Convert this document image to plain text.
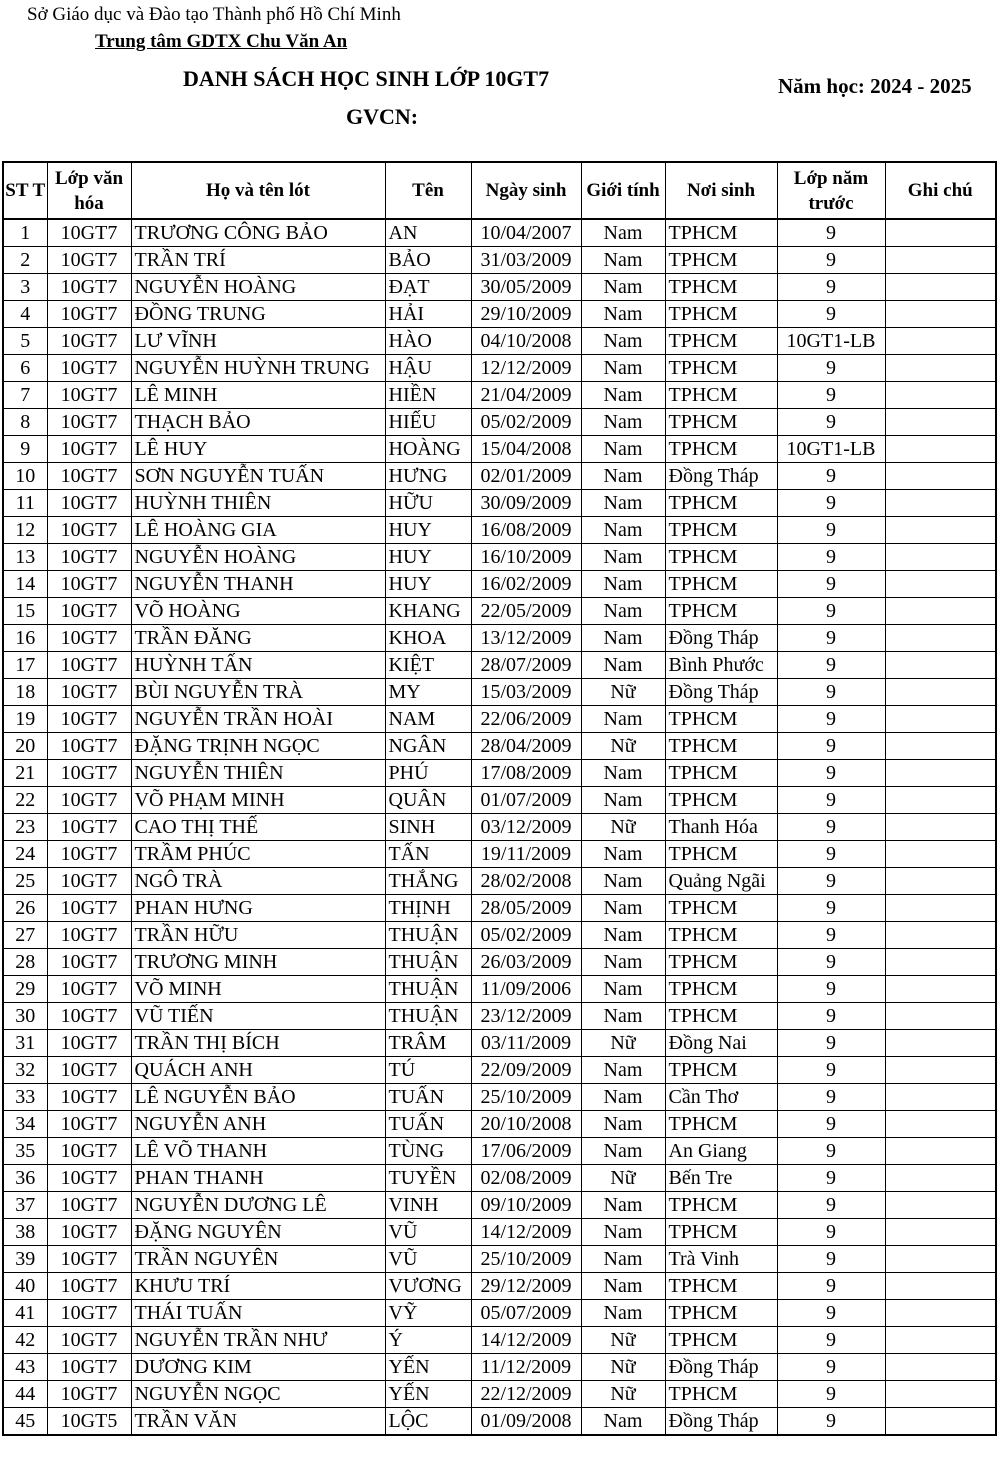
Sở Giáo dục và Đào tạo Thành phố Hồ Chí Minh
Trung tâm GDTX Chu Văn An
DANH SÁCH HỌC SINH LỚP 10GT7	Năm học: 2024 - 2025
GVCN:
ST T	Lớp văn hóa	Họ và tên lót	Tên	Ngày sinh	Giới tính	Nơi sinh	Lớp năm trước	Ghi chú
1	10GT7	TRƯƠNG CÔNG BẢO	AN	10/04/2007	Nam	TPHCM	9	
2	10GT7	TRẦN TRÍ	BẢO	31/03/2009	Nam	TPHCM	9	
3	10GT7	NGUYỄN HOÀNG	ĐẠT	30/05/2009	Nam	TPHCM	9	
4	10GT7	ĐỒNG TRUNG	HẢI	29/10/2009	Nam	TPHCM	9	
5	10GT7	LƯ VĨNH	HÀO	04/10/2008	Nam	TPHCM	10GT1-LB	
6	10GT7	NGUYỄN HUỲNH TRUNG	HẬU	12/12/2009	Nam	TPHCM	9	
7	10GT7	LÊ MINH	HIỀN	21/04/2009	Nam	TPHCM	9	
8	10GT7	THẠCH BẢO	HIẾU	05/02/2009	Nam	TPHCM	9	
9	10GT7	LÊ HUY	HOÀNG	15/04/2008	Nam	TPHCM	10GT1-LB	
10	10GT7	SƠN NGUYỄN TUẤN	HƯNG	02/01/2009	Nam	Đồng Tháp	9	
11	10GT7	HUỲNH THIÊN	HỮU	30/09/2009	Nam	TPHCM	9	
12	10GT7	LÊ HOÀNG GIA	HUY	16/08/2009	Nam	TPHCM	9	
13	10GT7	NGUYỄN HOÀNG	HUY	16/10/2009	Nam	TPHCM	9	
14	10GT7	NGUYỄN THANH	HUY	16/02/2009	Nam	TPHCM	9	
15	10GT7	VÕ HOÀNG	KHANG	22/05/2009	Nam	TPHCM	9	
16	10GT7	TRẦN ĐĂNG	KHOA	13/12/2009	Nam	Đồng Tháp	9	
17	10GT7	HUỲNH TẤN	KIỆT	28/07/2009	Nam	Bình Phước	9	
18	10GT7	BÙI NGUYỄN TRÀ	MY	15/03/2009	Nữ	Đồng Tháp	9	
19	10GT7	NGUYỄN TRẦN HOÀI	NAM	22/06/2009	Nam	TPHCM	9	
20	10GT7	ĐẶNG TRỊNH NGỌC	NGÂN	28/04/2009	Nữ	TPHCM	9	
21	10GT7	NGUYỄN THIÊN	PHÚ	17/08/2009	Nam	TPHCM	9	
22	10GT7	VÕ PHẠM MINH	QUÂN	01/07/2009	Nam	TPHCM	9	
23	10GT7	CAO THỊ THẾ	SINH	03/12/2009	Nữ	Thanh Hóa	9	
24	10GT7	TRẦM PHÚC	TẤN	19/11/2009	Nam	TPHCM	9	
25	10GT7	NGÔ TRÀ	THẮNG	28/02/2008	Nam	Quảng Ngãi	9	
26	10GT7	PHAN HƯNG	THỊNH	28/05/2009	Nam	TPHCM	9	
27	10GT7	TRẦN HỮU	THUẬN	05/02/2009	Nam	TPHCM	9	
28	10GT7	TRƯƠNG MINH	THUẬN	26/03/2009	Nam	TPHCM	9	
29	10GT7	VÕ MINH	THUẬN	11/09/2006	Nam	TPHCM	9	
30	10GT7	VŨ TIẾN	THUẬN	23/12/2009	Nam	TPHCM	9	
31	10GT7	TRẦN THỊ BÍCH	TRÂM	03/11/2009	Nữ	Đồng Nai	9	
32	10GT7	QUÁCH ANH	TÚ	22/09/2009	Nam	TPHCM	9	
33	10GT7	LÊ NGUYỄN BẢO	TUẤN	25/10/2009	Nam	Cần Thơ	9	
34	10GT7	NGUYỄN ANH	TUẤN	20/10/2008	Nam	TPHCM	9	
35	10GT7	LÊ VÕ THANH	TÙNG	17/06/2009	Nam	An Giang	9	
36	10GT7	PHAN THANH	TUYỀN	02/08/2009	Nữ	Bến Tre	9	
37	10GT7	NGUYỄN DƯƠNG LÊ	VINH	09/10/2009	Nam	TPHCM	9	
38	10GT7	ĐẶNG NGUYÊN	VŨ	14/12/2009	Nam	TPHCM	9	
39	10GT7	TRẦN NGUYÊN	VŨ	25/10/2009	Nam	Trà Vinh	9	
40	10GT7	KHƯU TRÍ	VƯƠNG	29/12/2009	Nam	TPHCM	9	
41	10GT7	THÁI TUẤN	VỸ	05/07/2009	Nam	TPHCM	9	
42	10GT7	NGUYỄN TRẦN NHƯ	Ý	14/12/2009	Nữ	TPHCM	9	
43	10GT7	DƯƠNG KIM	YẾN	11/12/2009	Nữ	Đồng Tháp	9	
44	10GT7	NGUYỄN NGỌC	YẾN	22/12/2009	Nữ	TPHCM	9	
45	10GT5	TRẦN VĂN	LỘC	01/09/2008	Nam	Đồng Tháp	9	
